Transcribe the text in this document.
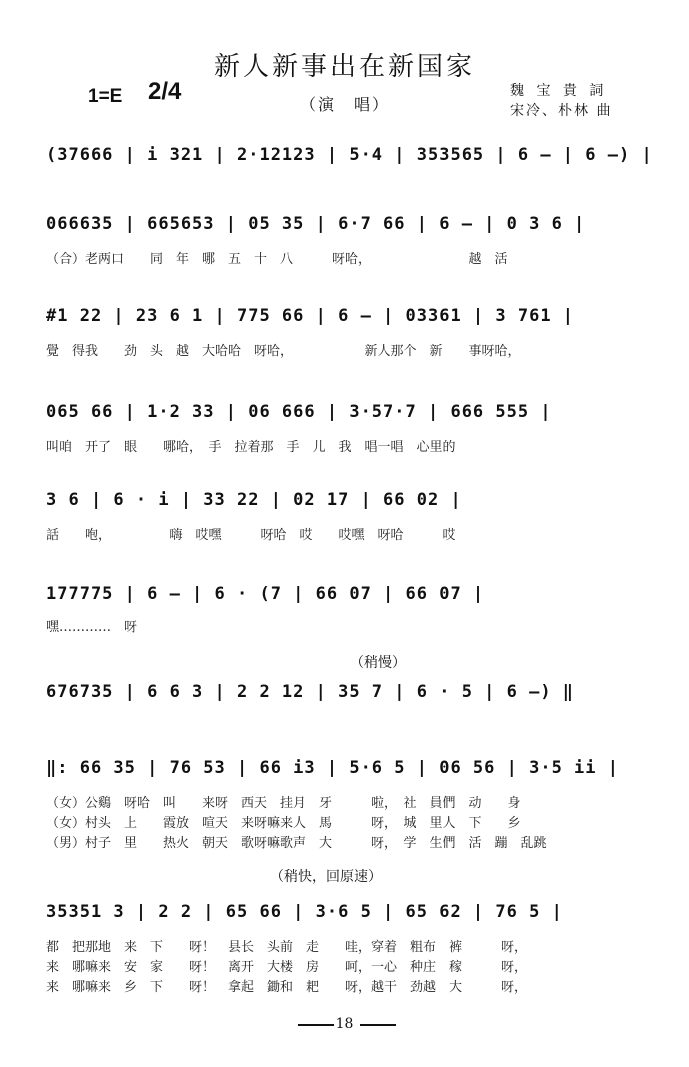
新人新事出在新国家
1=E 2/4	（演　唱）
魏 宝 貴 詞
宋冷、朴林 曲
(37666 | i 321 | 2·12123 | 5·4 | 353565 | 6 — | 6 —) |
066635 | 665653 | 05 35 | 6·7 66 | 6 — | 0 3 6 |
（合）老两口　　同　年　哪　五　十　八　　　呀哈，　　　　　　　　越　活
#1 22 | 23 6 1 | 775 66 | 6 — | 03361 | 3 761 |
覺　得我　　劲　头　越　大哈哈　呀哈，　　　　　　新人那个　新　　事呀哈，
065 66 | 1·2 33 | 06 666 | 3·57·7 | 666 555 |
叫咱　开了　眼　　哪哈，　手　拉着那　手　儿　我　唱一唱　心里的
3 6 | 6 · i | 33 22 | 02 17 | 66 02 |
話　　咆，　　　　　嗨　哎嘿　　　呀哈　哎　　哎嘿　呀哈　　　哎
177775 | 6 — | 6 · (7 | 66 07 | 66 07 |
嘿…………　呀
（稍慢）
676735 | 6 6 3 | 2 2 12 | 35 7 | 6 · 5 | 6 —) ‖
‖: 66 35 | 76 53 | 66 i3 | 5·6 5 | 06 56 | 3·5 ii |
（女）公鷄　呀哈　叫　　来呀　西天　挂月　牙　　　啦，　社　員們　动　　身
（女）村头　上　　霞放　喧天　来呀嘛来人　馬　　　呀，　城　里人　下　　乡
（男）村子　里　　热火　朝天　歌呀嘛歌声　大　　　呀，　学　生們　活　蹦　乱跳
（稍快，回原速）
35351 3 | 2 2 | 65 66 | 3·6 5 | 65 62 | 76 5 |
都　把那地　来　下　　呀！　县长　头前　走　　哇，穿着　粗布　裤　　　呀，
来　哪嘛来　安　家　　呀！　离开　大楼　房　　呵，一心　种庄　稼　　　呀，
来　哪嘛来　乡　下　　呀！　拿起　鋤和　耙　　呀，越干　劲越　大　　　呀，
18
